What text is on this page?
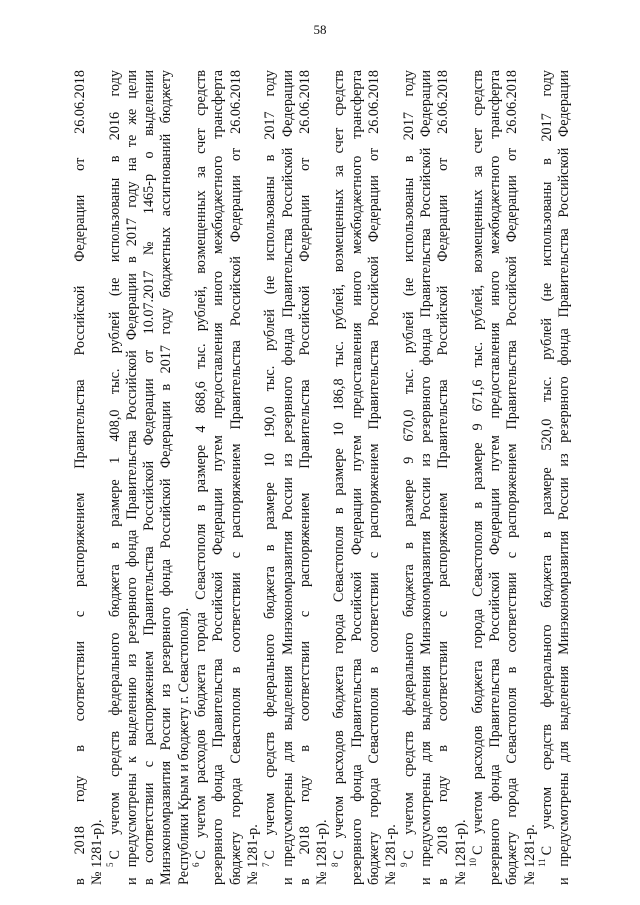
58
в 2018 году в соответствии с распоряжением Правительства Российской Федерации от 26.06.2018 № 1281-р). $^5$С учетом средств федерального бюджета в размере 1 408,0 тыс. рублей (не использованы в 2016 году и предусмотрены к выделению из резервного фонда Правительства Российской Федерации в 2017 году на те же цели в соответствии с распоряжением Правительства Российской Федерации от 10.07.2017 № 1465-р о выделении Минэкономразвития России из резервного фонда Российской Федерации в 2017 году бюджетных ассигнований бюджету Республики Крым и бюджету г. Севастополя). $^6$С учетом расходов бюджета города Севастополя в размере 4 868,6 тыс. рублей, возмещенных за счет средств резервного фонда Правительства Российской Федерации путем предоставления иного межбюджетного трансферта бюджету города Севастополя в соответствии с распоряжением Правительства Российской Федерации от 26.06.2018 № 1281-р. $^7$С учетом средств федерального бюджета в размере 10 190,0 тыс. рублей (не использованы в 2017 году и предусмотрены для выделения Минэкономразвития России из резервного фонда Правительства Российской Федерации в 2018 году в соответствии с распоряжением Правительства Российской Федерации от 26.06.2018 № 1281-р). $^8$С учетом расходов бюджета города Севастополя в размере 10 186,8 тыс. рублей, возмещенных за счет средств резервного фонда Правительства Российской Федерации путем предоставления иного межбюджетного трансферта бюджету города Севастополя в соответствии с распоряжением Правительства Российской Федерации от 26.06.2018 № 1281-р. $^9$С учетом средств федерального бюджета в размере 9 670,0 тыс. рублей (не использованы в 2017 году и предусмотрены для выделения Минэкономразвития России из резервного фонда Правительства Российской Федерации в 2018 году в соответствии с распоряжением Правительства Российской Федерации от 26.06.2018 № 1281-р). $^{10}$С учетом расходов бюджета города Севастополя в размере 9 671,6 тыс. рублей, возмещенных за счет средств резервного фонда Правительства Российской Федерации путем предоставления иного межбюджетного трансферта бюджету города Севастополя в соответствии с распоряжением Правительства Российской Федерации от 26.06.2018 № 1281-р. $^{11}$С учетом средств федерального бюджета в размере 520,0 тыс. рублей (не использованы в 2017 году и предусмотрены для выделения Минэкономразвития России из резервного фонда Правительства Российской Федерации
